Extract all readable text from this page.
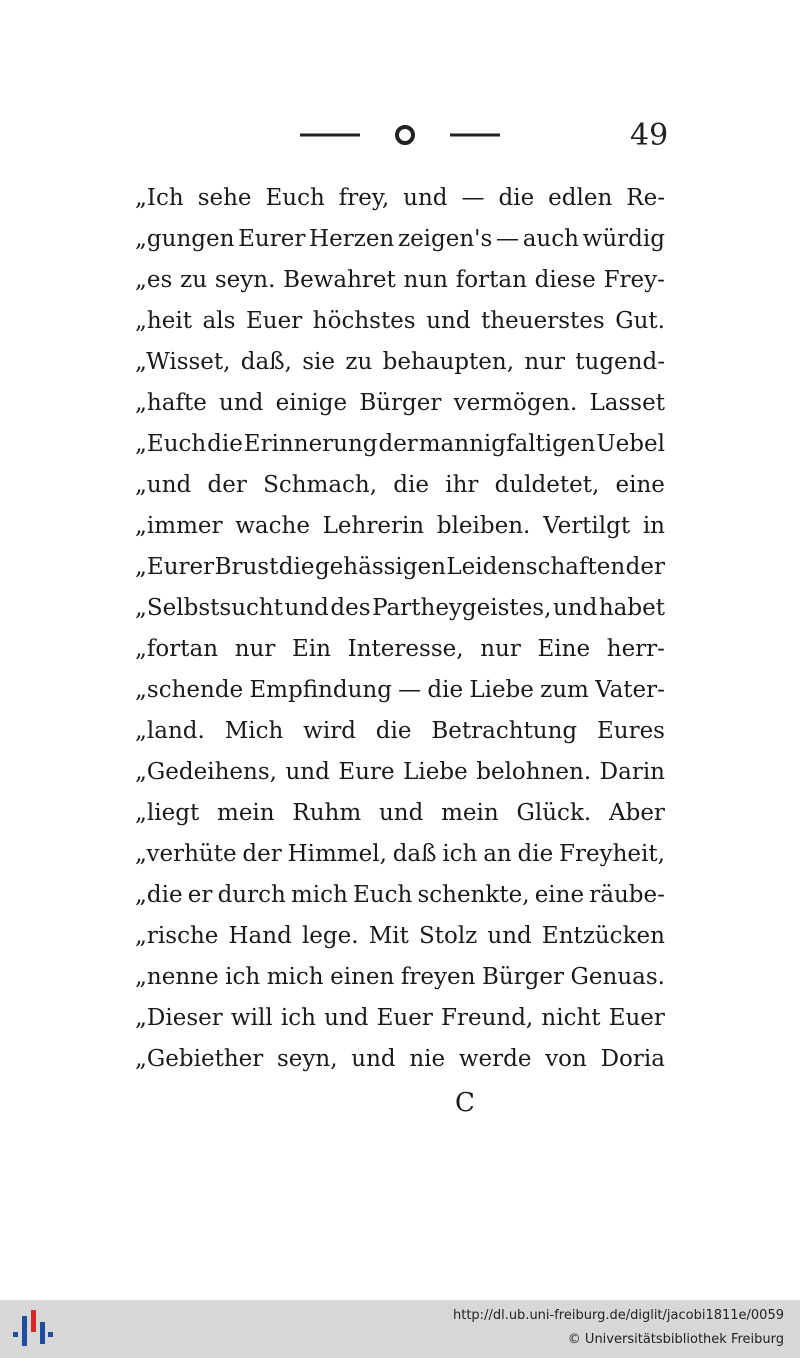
49
„Ich sehe Euch frey, und — die edlen Re-
„gungen Eurer Herzen zeigen's — auch würdig
„es zu seyn. Bewahret nun fortan diese Frey-
„heit als Euer höchstes und theuerstes Gut.
„Wisset, daß, sie zu behaupten, nur tugend-
„hafte und einige Bürger vermögen. Lasset
„Euch die Erinnerung der mannigfaltigen Uebel
„und der Schmach, die ihr duldetet, eine
„immer wache Lehrerin bleiben. Vertilgt in
„Eurer Brust die gehässigen Leidenschaften der
„Selbstsucht und des Partheygeistes, und habet
„fortan nur Ein Interesse, nur Eine herr-
„schende Empfindung — die Liebe zum Vater-
„land. Mich wird die Betrachtung Eures
„Gedeihens, und Eure Liebe belohnen. Darin
„liegt mein Ruhm und mein Glück. Aber
„verhüte der Himmel, daß ich an die Freyheit,
„die er durch mich Euch schenkte, eine räube-
„rische Hand lege. Mit Stolz und Entzücken
„nenne ich mich einen freyen Bürger Genuas.
„Dieser will ich und Euer Freund, nicht Euer
„Gebiether seyn, und nie werde von Doria
C
http://dl.ub.uni-freiburg.de/diglit/jacobi1811e/0059
© Universitätsbibliothek Freiburg
